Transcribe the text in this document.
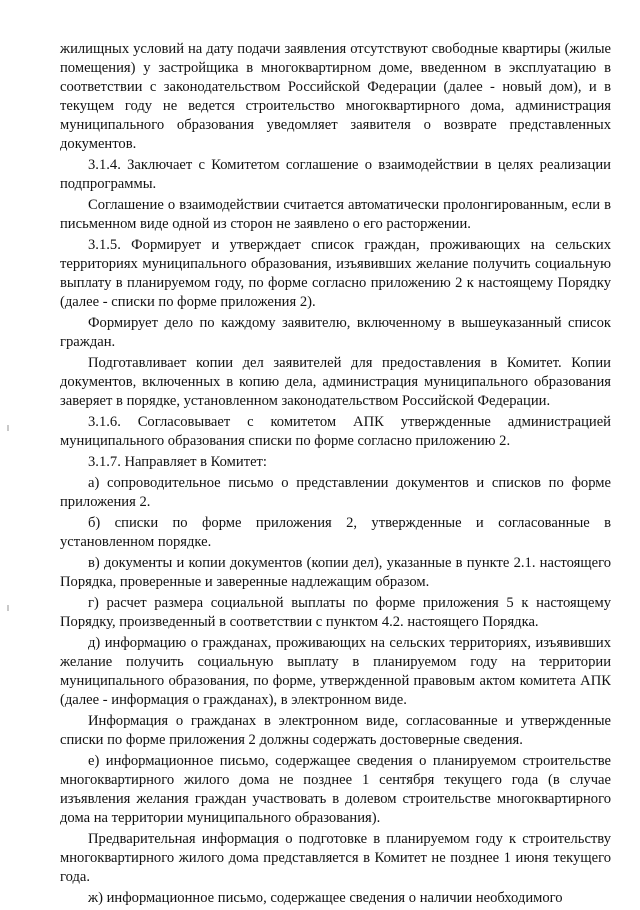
жилищных условий на дату подачи заявления отсутствуют свободные квартиры (жилые помещения) у застройщика в многоквартирном доме, введенном в эксплуатацию в соответствии с законодательством Российской Федерации (далее - новый дом), и в текущем году не ведется строительство многоквартирного дома, администрация муниципального образования уведомляет заявителя о возврате представленных документов.

3.1.4. Заключает с Комитетом соглашение о взаимодействии в целях реализации подпрограммы.

Соглашение о взаимодействии считается автоматически пролонгированным, если в письменном виде одной из сторон не заявлено о его расторжении.

3.1.5. Формирует и утверждает список граждан, проживающих на сельских территориях муниципального образования, изъявивших желание получить социальную выплату в планируемом году, по форме согласно приложению 2 к настоящему Порядку (далее - списки по форме приложения 2).

Формирует дело по каждому заявителю, включенному в вышеуказанный список граждан.

Подготавливает копии дел заявителей для предоставления в Комитет. Копии документов, включенных в копию дела, администрация муниципального образования заверяет в порядке, установленном законодательством Российской Федерации.

3.1.6. Согласовывает с комитетом АПК утвержденные администрацией муниципального образования списки по форме согласно приложению 2.

3.1.7. Направляет в Комитет:

а) сопроводительное письмо о представлении документов и списков по форме приложения 2.

б) списки по форме приложения 2, утвержденные и согласованные в установленном порядке.

в) документы и копии документов (копии дел), указанные в пункте 2.1. настоящего Порядка, проверенные и заверенные надлежащим образом.

г) расчет размера социальной выплаты по форме приложения 5 к настоящему Порядку, произведенный в соответствии с пунктом 4.2. настоящего Порядка.

д) информацию о гражданах, проживающих на сельских территориях, изъявивших желание получить социальную выплату в планируемом году на территории муниципального образования, по форме, утвержденной правовым актом комитета АПК (далее - информация о гражданах), в электронном виде.

Информация о гражданах в электронном виде, согласованные и утвержденные списки по форме приложения 2 должны содержать достоверные сведения.

е) информационное письмо, содержащее сведения о планируемом строительстве многоквартирного жилого дома не позднее 1 сентября текущего года (в случае изъявления желания граждан участвовать в долевом строительстве многоквартирного дома на территории муниципального образования).

Предварительная информация о подготовке в планируемом году к строительству многоквартирного жилого дома представляется в Комитет не позднее 1 июня текущего года.

ж) информационное письмо, содержащее сведения о наличии необходимого
